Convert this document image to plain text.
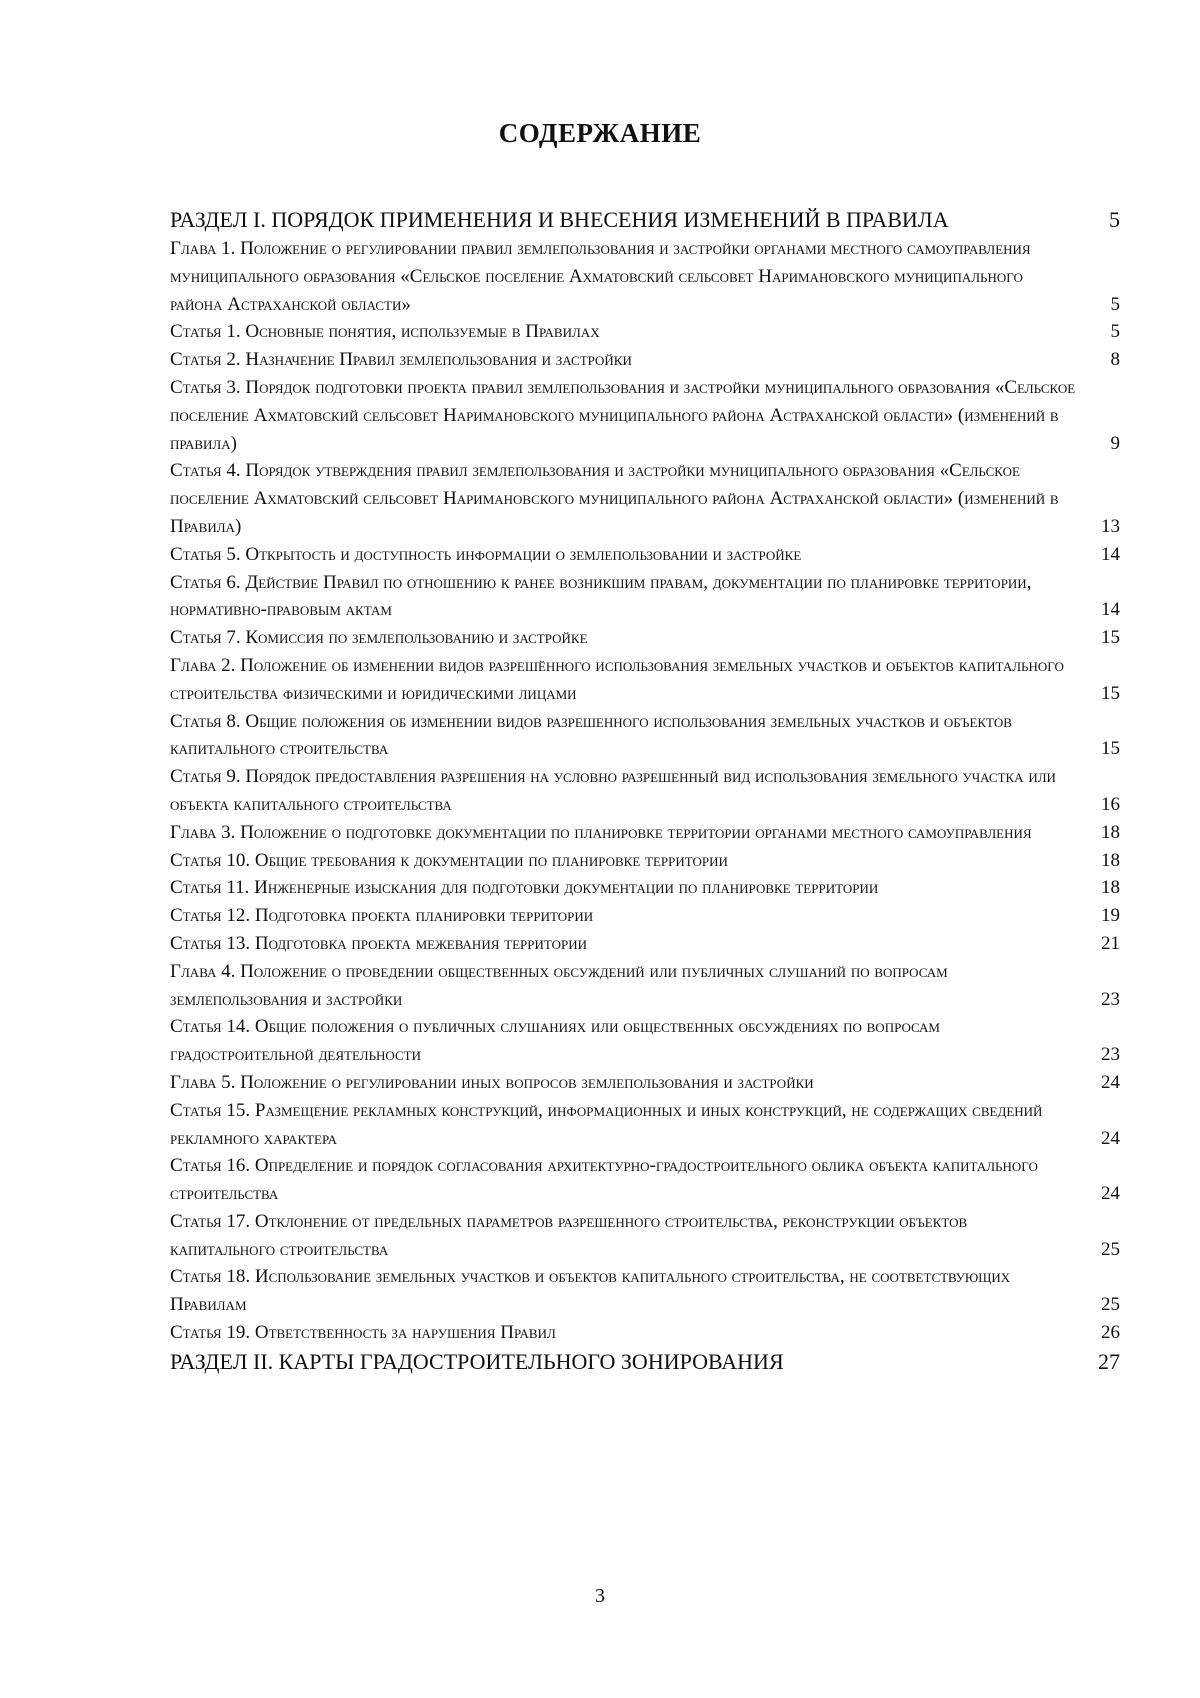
СОДЕРЖАНИЕ
РАЗДЕЛ I. ПОРЯДОК ПРИМЕНЕНИЯ И ВНЕСЕНИЯ ИЗМЕНЕНИЙ В ПРАВИЛА	5
Глава 1. Положение о регулировании правил землепользования и застройки органами местного самоуправления муниципального образования «Сельское поселение Ахматовский сельсовет Наримановского муниципального района Астраханской области»	5
Статья 1. Основные понятия, используемые в Правилах	5
Статья 2. Назначение Правил землепользования и застройки	8
Статья 3. Порядок подготовки проекта правил землепользования и застройки муниципального образования «Сельское поселение Ахматовский сельсовет Наримановского муниципального района Астраханской области» (изменений в правила)	9
Статья 4. Порядок утверждения правил землепользования и застройки муниципального образования «Сельское поселение Ахматовский сельсовет Наримановского муниципального района Астраханской области» (изменений в Правила)	13
Статья 5. Открытость и доступность информации о землепользовании и застройке	14
Статья 6. Действие Правил по отношению к ранее возникшим правам, документации по планировке территории, нормативно-правовым актам	14
Статья 7. Комиссия по землепользованию и застройке	15
Глава 2. Положение об изменении видов разрешённого использования земельных участков и объектов капитального строительства физическими и юридическими лицами	15
Статья 8. Общие положения об изменении видов разрешенного использования земельных участков и объектов капитального строительства	15
Статья 9. Порядок предоставления разрешения на условно разрешенный вид использования земельного участка или объекта капитального строительства	16
Глава 3. Положение о подготовке документации по планировке территории органами местного самоуправления	18
Статья 10. Общие требования к документации по планировке территории	18
Статья 11. Инженерные изыскания для подготовки документации по планировке территории	18
Статья 12. Подготовка проекта планировки территории	19
Статья 13. Подготовка проекта межевания территории	21
Глава 4. Положение о проведении общественных обсуждений или публичных слушаний по вопросам землепользования и застройки	23
Статья 14. Общие положения о публичных слушаниях или общественных обсуждениях по вопросам градостроительной деятельности	23
Глава 5. Положение о регулировании иных вопросов землепользования и застройки	24
Статья 15. Размещение рекламных конструкций, информационных и иных конструкций, не содержащих сведений рекламного характера	24
Статья 16. Определение и порядок согласования архитектурно-градостроительного облика объекта капитального строительства	24
Статья 17. Отклонение от предельных параметров разрешенного строительства, реконструкции объектов капитального строительства	25
Статья 18. Использование земельных участков и объектов капитального строительства, не соответствующих Правилам	25
Статья 19. Ответственность за нарушения Правил	26
РАЗДЕЛ II. КАРТЫ ГРАДОСТРОИТЕЛЬНОГО ЗОНИРОВАНИЯ	27
3
